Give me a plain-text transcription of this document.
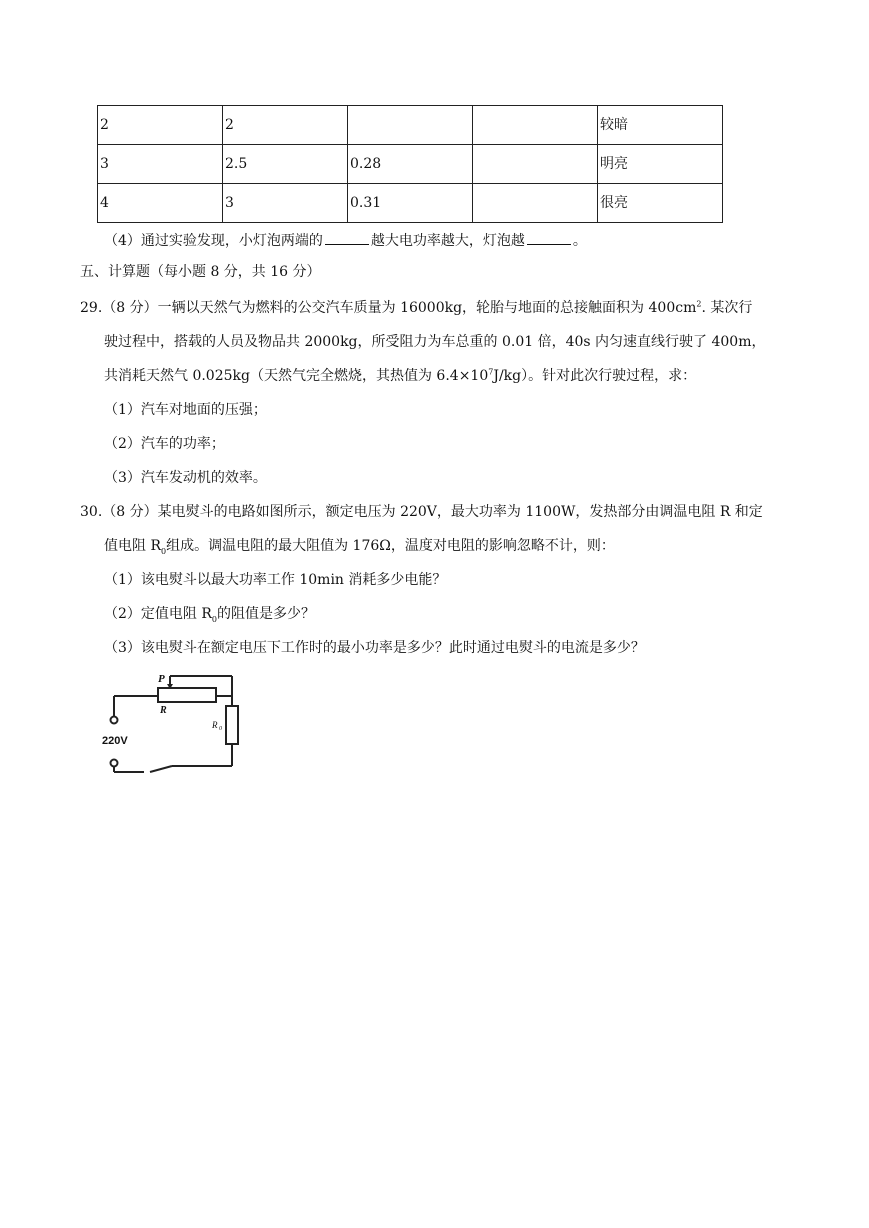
2	2			较暗
3	2.5	0.28		明亮
4	3	0.31		很亮
（4）通过实验发现，小灯泡两端的	越大电功率越大，灯泡越	。
五、计算题（每小题 8 分，共 16 分）
29.（8 分）一辆以天然气为燃料的公交汽车质量为 16000kg，轮胎与地面的总接触面积为 $400cm^2$. 某次行
驶过程中，搭载的人员及物品共 2000kg，所受阻力为车总重的 0.01 倍，40s 内匀速直线行驶了 400m，
共消耗天然气 0.025kg（天然气完全燃烧，其热值为 $6.4\times 10^7J/kg$）。针对此次行驶过程，求：
（1）汽车对地面的压强；
（2）汽车的功率；
（3）汽车发动机的效率。
30.（8 分）某电熨斗的电路如图所示，额定电压为 220V，最大功率为 1100W，发热部分由调温电阻 R 和定
值电阻 $R_0$组成。调温电阻的最大阻值为 176Ω，温度对电阻的影响忽略不计，则：
（1）该电熨斗以最大功率工作 10min 消耗多少电能？
（2）定值电阻 $R_0$的阻值是多少？
（3）该电熨斗在额定电压下工作时的最小功率是多少？此时通过电熨斗的电流是多少？
P
R
R 0
220V
